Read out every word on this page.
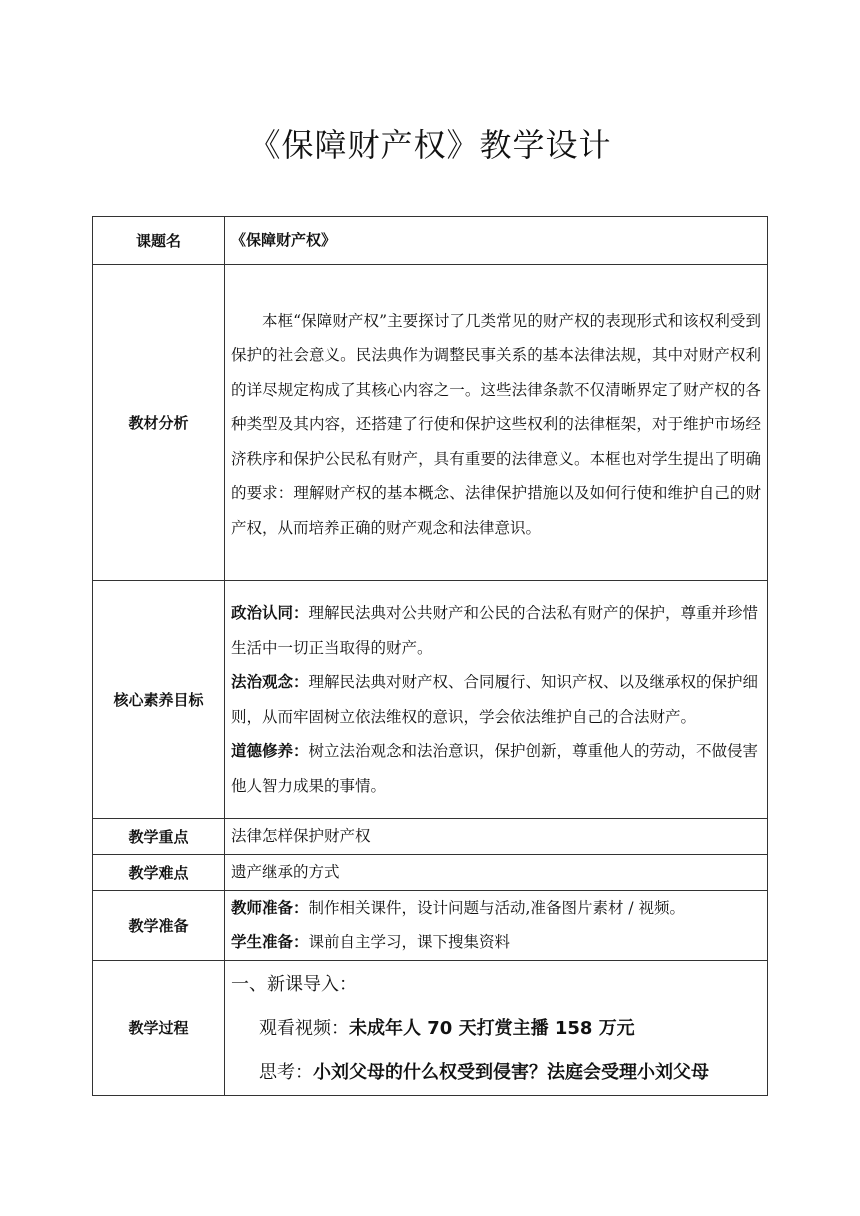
《保障财产权》教学设计
课题名	《保障财产权》
教材分析	本框“保障财产权”主要探讨了几类常见的财产权的表现形式和该权利受到保护的社会意义。民法典作为调整民事关系的基本法律法规，其中对财产权利的详尽规定构成了其核心内容之一。这些法律条款不仅清晰界定了财产权的各种类型及其内容，还搭建了行使和保护这些权利的法律框架，对于维护市场经济秩序和保护公民私有财产，具有重要的法律意义。本框也对学生提出了明确的要求：理解财产权的基本概念、法律保护措施以及如何行使和维护自己的财产权，从而培养正确的财产观念和法律意识。

核心素养目标	政治认同：理解民法典对公共财产和公民的合法私有财产的保护，尊重并珍惜生活中一切正当取得的财产。

法治观念：理解民法典对财产权、合同履行、知识产权、以及继承权的保护细则，从而牢固树立依法维权的意识，学会依法维护自己的合法财产。

道德修养：树立法治观念和法治意识，保护创新，尊重他人的劳动，不做侵害他人智力成果的事情。

教学重点	法律怎样保护财产权
教学难点	遗产继承的方式
教学准备	教师准备：制作相关课件，设计问题与活动,准备图片素材 / 视频。

学生准备：课前自主学习，课下搜集资料

教学过程	一、新课导入：
观看视频：未成年人 70 天打赏主播 158 万元
思考：小刘父母的什么权受到侵害？法庭会受理小刘父母
